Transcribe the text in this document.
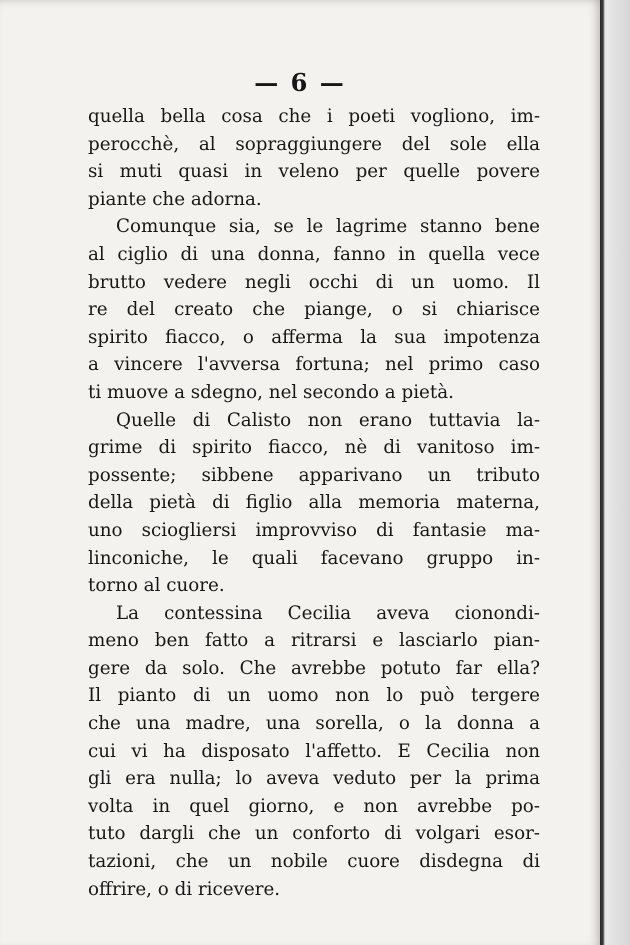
— 6 —
quella bella cosa che i poeti vogliono, im-
perocchè, al sopraggiungere del sole ella
si muti quasi in veleno per quelle povere
piante che adorna.
Comunque sia, se le lagrime stanno bene
al ciglio di una donna, fanno in quella vece
brutto vedere negli occhi di un uomo. Il
re del creato che piange, o si chiarisce
spirito fiacco, o afferma la sua impotenza
a vincere l'avversa fortuna; nel primo caso
ti muove a sdegno, nel secondo a pietà.
Quelle di Calisto non erano tuttavia la-
grime di spirito fiacco, nè di vanitoso im-
possente; sibbene apparivano un tributo
della pietà di figlio alla memoria materna,
uno sciogliersi improvviso di fantasie ma-
linconiche, le quali facevano gruppo in-
torno al cuore.
La contessina Cecilia aveva cionondi-
meno ben fatto a ritrarsi e lasciarlo pian-
gere da solo. Che avrebbe potuto far ella?
Il pianto di un uomo non lo può tergere
che una madre, una sorella, o la donna a
cui vi ha disposato l'affetto. E Cecilia non
gli era nulla; lo aveva veduto per la prima
volta in quel giorno, e non avrebbe po-
tuto dargli che un conforto di volgari esor-
tazioni, che un nobile cuore disdegna di
offrire, o di ricevere.
